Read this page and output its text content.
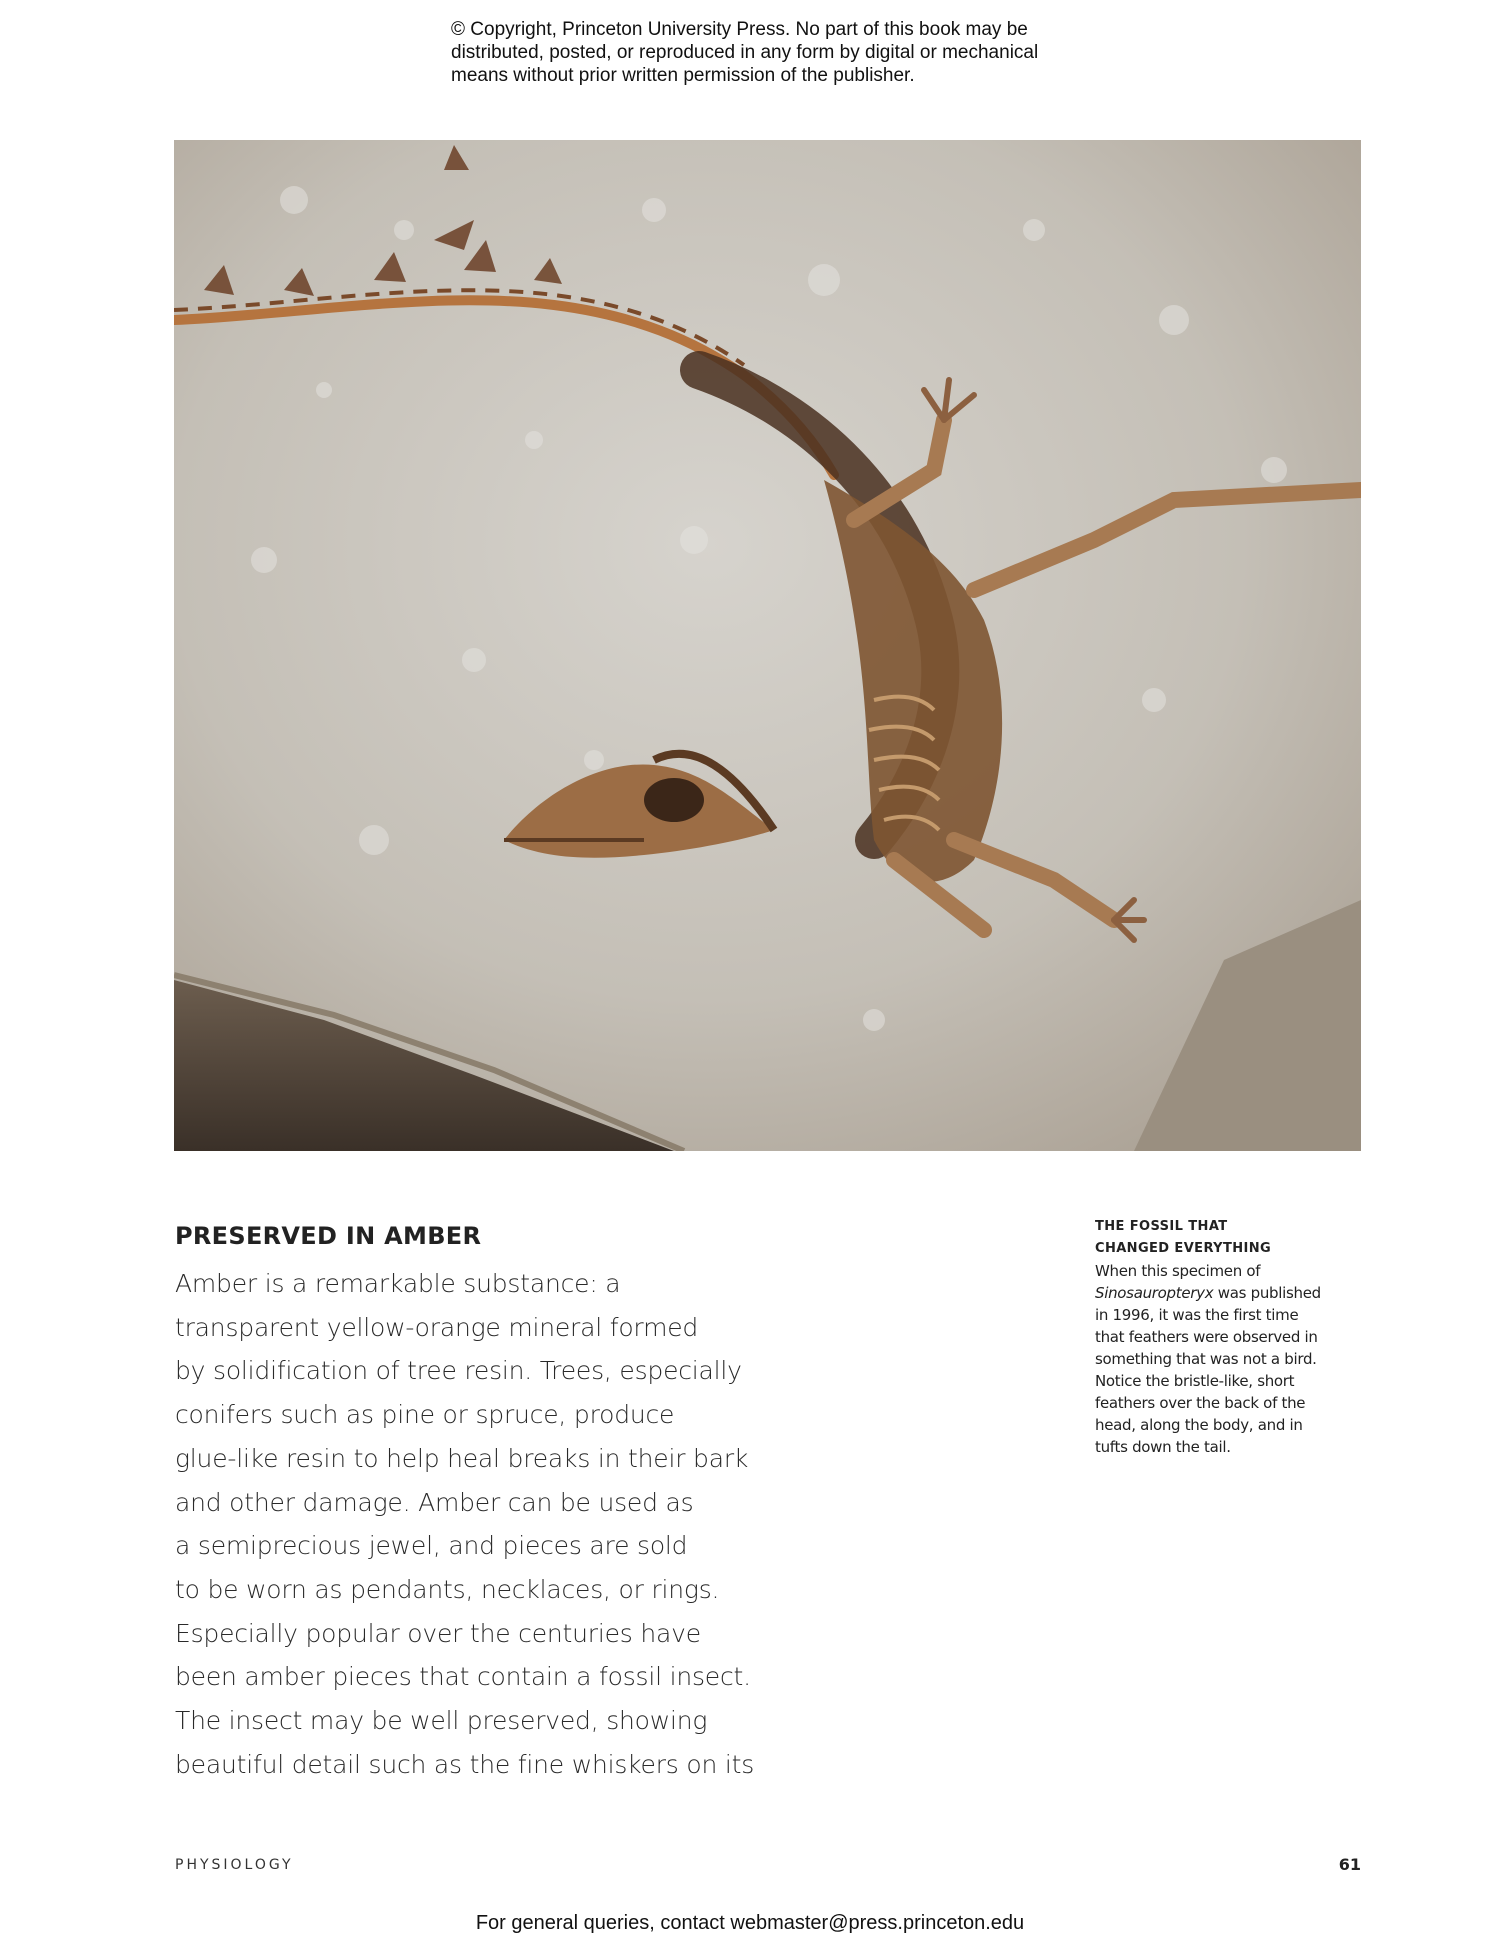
© Copyright, Princeton University Press. No part of this book may be
distributed, posted, or reproduced in any form by digital or mechanical
means without prior written permission of the publisher.
PRESERVED IN AMBER
Amber is a remarkable substance: a
transparent yellow-orange mineral formed
by solidification of tree resin. Trees, especially
conifers such as pine or spruce, produce
glue-like resin to help heal breaks in their bark
and other damage. Amber can be used as
a semiprecious jewel, and pieces are sold
to be worn as pendants, necklaces, or rings.
Especially popular over the centuries have
been amber pieces that contain a fossil insect.
The insect may be well preserved, showing
beautiful detail such as the fine whiskers on its
THE FOSSIL THAT
CHANGED EVERYTHING
When this specimen of
Sinosauropteryx was published
in 1996, it was the first time
that feathers were observed in
something that was not a bird.
Notice the bristle-like, short
feathers over the back of the
head, along the body, and in
tufts down the tail.
PHYSIOLOGY	61
For general queries, contact webmaster@press.princeton.edu
